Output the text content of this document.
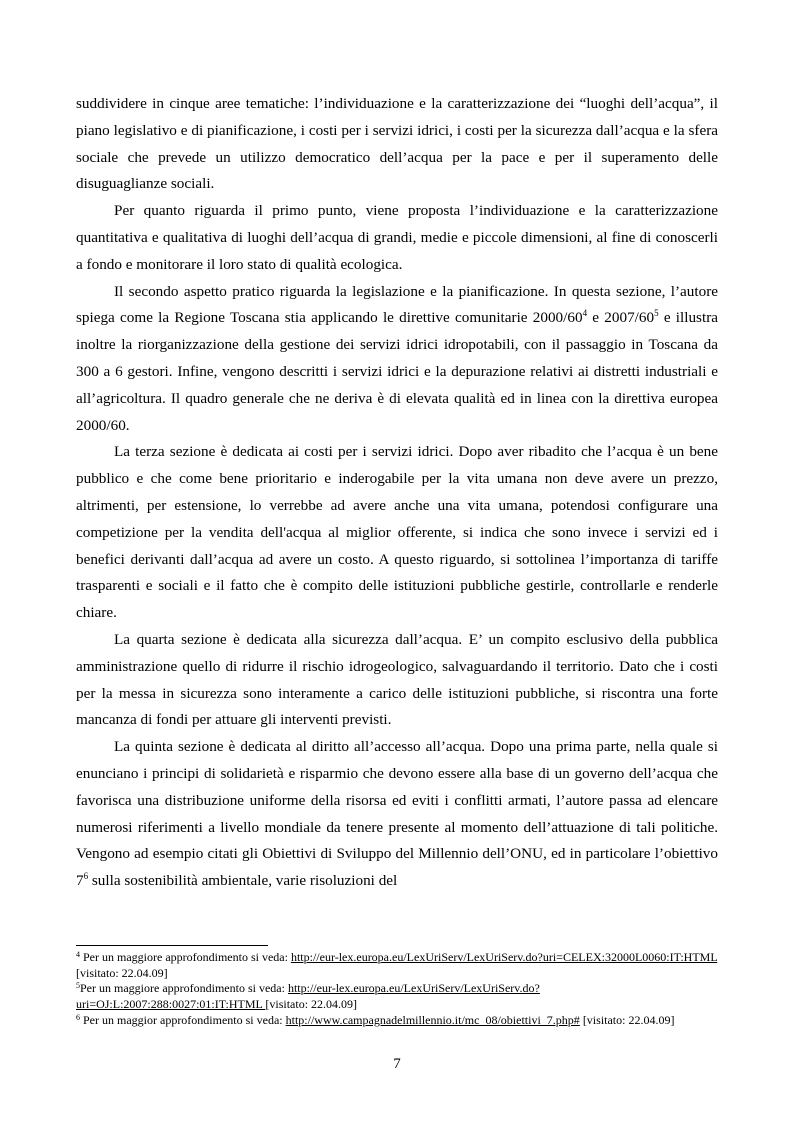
suddividere in cinque aree tematiche: l’individuazione e la caratterizzazione dei “luoghi dell’acqua”, il piano legislativo e di pianificazione, i costi per i servizi idrici, i costi per la sicurezza dall’acqua e la sfera sociale che prevede un utilizzo democratico dell’acqua per la pace e per il superamento delle disuguaglianze sociali.

Per quanto riguarda il primo punto, viene proposta l’individuazione e la caratterizzazione quantitativa e qualitativa di luoghi dell’acqua di grandi, medie e piccole dimensioni, al fine di conoscerli a fondo e monitorare il loro stato di qualità ecologica.

Il secondo aspetto pratico riguarda la legislazione e la pianificazione. In questa sezione, l’autore spiega come la Regione Toscana stia applicando le direttive comunitarie $2000/60^4$ e $2007/60^5$ e illustra inoltre la riorganizzazione della gestione dei servizi idrici idropotabili, con il passaggio in Toscana da 300 a 6 gestori. Infine, vengono descritti i servizi idrici e la depurazione relativi ai distretti industriali e all’agricoltura. Il quadro generale che ne deriva è di elevata qualità ed in linea con la direttiva europea 2000/60.

La terza sezione è dedicata ai costi per i servizi idrici. Dopo aver ribadito che l’acqua è un bene pubblico e che come bene prioritario e inderogabile per la vita umana non deve avere un prezzo, altrimenti, per estensione, lo verrebbe ad avere anche una vita umana, potendosi configurare una competizione per la vendita dell'acqua al miglior offerente, si indica che sono invece i servizi ed i benefici derivanti dall’acqua ad avere un costo. A questo riguardo, si sottolinea l’importanza di tariffe trasparenti e sociali e il fatto che è compito delle istituzioni pubbliche gestirle, controllarle e renderle chiare.

La quarta sezione è dedicata alla sicurezza dall’acqua. E’ un compito esclusivo della pubblica amministrazione quello di ridurre il rischio idrogeologico, salvaguardando il territorio. Dato che i costi per la messa in sicurezza sono interamente a carico delle istituzioni pubbliche, si riscontra una forte mancanza di fondi per attuare gli interventi previsti.

La quinta sezione è dedicata al diritto all’accesso all’acqua. Dopo una prima parte, nella quale si enunciano i principi di solidarietà e risparmio che devono essere alla base di un governo dell’acqua che favorisca una distribuzione uniforme della risorsa ed eviti i conflitti armati, l’autore passa ad elencare numerosi riferimenti a livello mondiale da tenere presente al momento dell’attuazione di tali politiche. Vengono ad esempio citati gli Obiettivi di Sviluppo del Millennio dell’ONU, ed in particolare l’obiettivo $7^6$ sulla sostenibilità ambientale, varie risoluzioni del

$^4$ Per un maggiore approfondimento si veda: http://eur-lex.europa.eu/LexUriServ/LexUriServ.do?uri=CELEX:32000L0060:IT:HTML [visitato: 22.04.09]

$^5$Per un maggiore approfondimento si veda: http://eur-lex.europa.eu/LexUriServ/LexUriServ.do?uri=OJ:L:2007:288:0027:01:IT:HTML [visitato: 22.04.09]

$^6$ Per un maggior approfondimento si veda: http://www.campagnadelmillennio.it/mc_08/obiettivi_7.php# [visitato: 22.04.09]

7
